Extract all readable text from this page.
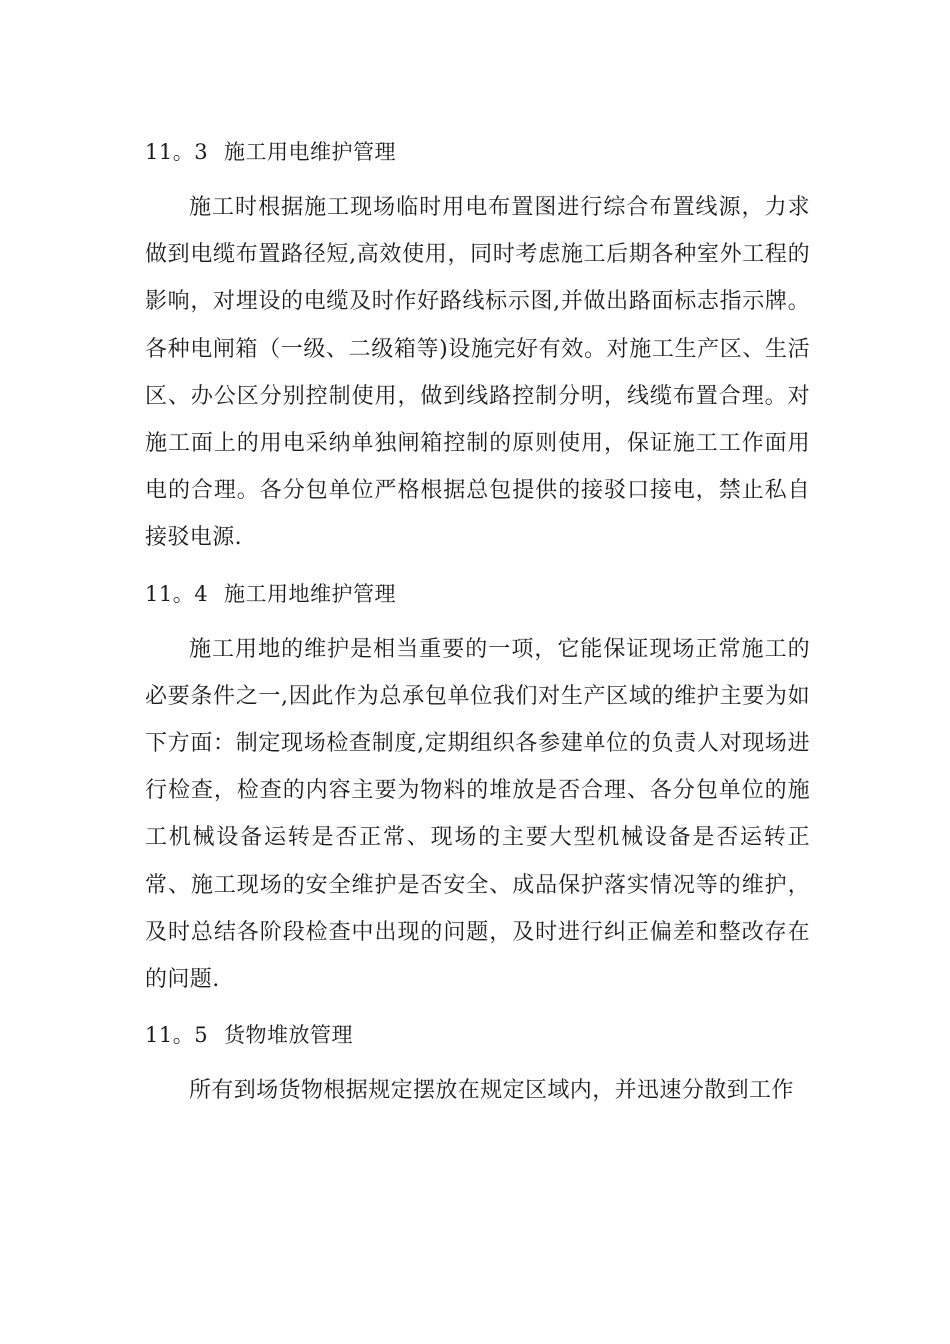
11。3 施工用电维护管理

施工时根据施工现场临时用电布置图进行综合布置线源，力求做到电缆布置路径短,高效使用，同时考虑施工后期各种室外工程的影响，对埋设的电缆及时作好路线标示图,并做出路面标志指示牌。各种电闸箱（一级、二级箱等)设施完好有效。对施工生产区、生活区、办公区分别控制使用，做到线路控制分明，线缆布置合理。对施工面上的用电采纳单独闸箱控制的原则使用，保证施工工作面用电的合理。各分包单位严格根据总包提供的接驳口接电，禁止私自接驳电源.

11。4 施工用地维护管理

施工用地的维护是相当重要的一项，它能保证现场正常施工的必要条件之一,因此作为总承包单位我们对生产区域的维护主要为如下方面：制定现场检查制度,定期组织各参建单位的负责人对现场进行检查，检查的内容主要为物料的堆放是否合理、各分包单位的施工机械设备运转是否正常、现场的主要大型机械设备是否运转正常、施工现场的安全维护是否安全、成品保护落实情况等的维护，及时总结各阶段检查中出现的问题，及时进行纠正偏差和整改存在的问题.

11。5 货物堆放管理

所有到场货物根据规定摆放在规定区域内，并迅速分散到工作
